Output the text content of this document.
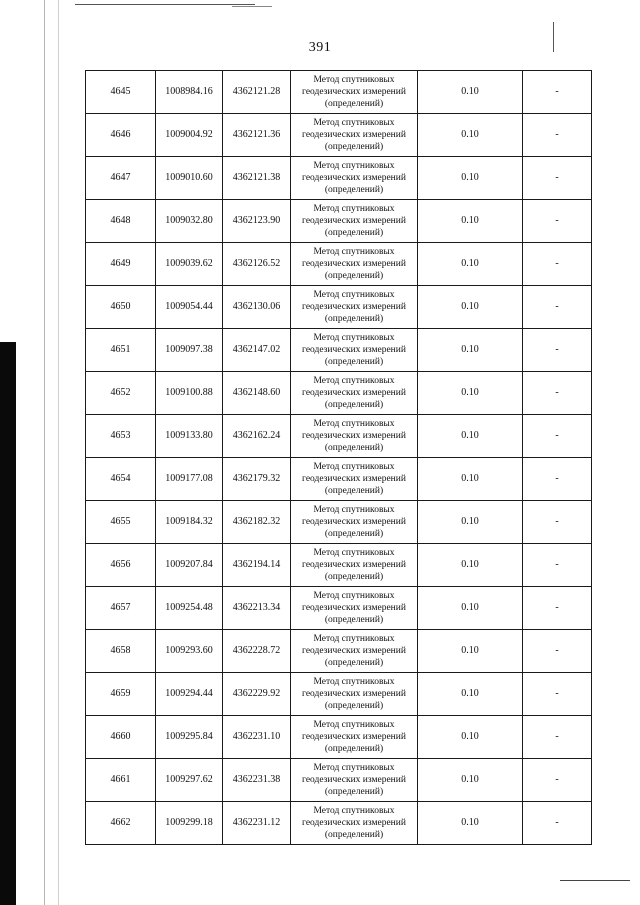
391
4645	1008984.16	4362121.28	Метод спутниковых
геодезических измерений
(определений)	0.10	-
4646	1009004.92	4362121.36	Метод спутниковых
геодезических измерений
(определений)	0.10	-
4647	1009010.60	4362121.38	Метод спутниковых
геодезических измерений
(определений)	0.10	-
4648	1009032.80	4362123.90	Метод спутниковых
геодезических измерений
(определений)	0.10	-
4649	1009039.62	4362126.52	Метод спутниковых
геодезических измерений
(определений)	0.10	-
4650	1009054.44	4362130.06	Метод спутниковых
геодезических измерений
(определений)	0.10	-
4651	1009097.38	4362147.02	Метод спутниковых
геодезических измерений
(определений)	0.10	-
4652	1009100.88	4362148.60	Метод спутниковых
геодезических измерений
(определений)	0.10	-
4653	1009133.80	4362162.24	Метод спутниковых
геодезических измерений
(определений)	0.10	-
4654	1009177.08	4362179.32	Метод спутниковых
геодезических измерений
(определений)	0.10	-
4655	1009184.32	4362182.32	Метод спутниковых
геодезических измерений
(определений)	0.10	-
4656	1009207.84	4362194.14	Метод спутниковых
геодезических измерений
(определений)	0.10	-
4657	1009254.48	4362213.34	Метод спутниковых
геодезических измерений
(определений)	0.10	-
4658	1009293.60	4362228.72	Метод спутниковых
геодезических измерений
(определений)	0.10	-
4659	1009294.44	4362229.92	Метод спутниковых
геодезических измерений
(определений)	0.10	-
4660	1009295.84	4362231.10	Метод спутниковых
геодезических измерений
(определений)	0.10	-
4661	1009297.62	4362231.38	Метод спутниковых
геодезических измерений
(определений)	0.10	-
4662	1009299.18	4362231.12	Метод спутниковых
геодезических измерений
(определений)	0.10	-
